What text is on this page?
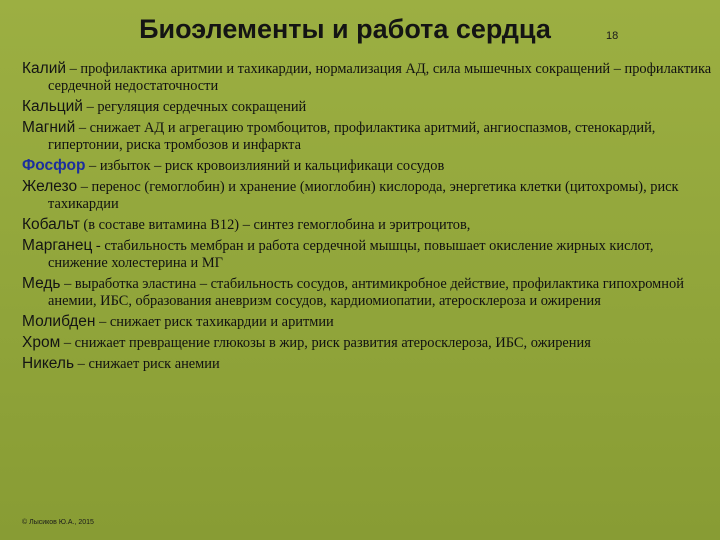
Биоэлементы и работа сердца	18
Калий – профилактика аритмии и тахикардии, нормализация АД, сила мышечных сокращений – профилактика сердечной недостаточности
Кальций – регуляция сердечных сокращений
Магний – снижает АД и агрегацию тромбоцитов, профилактика аритмий, ангиоспазмов, стенокардий, гипертонии, риска тромбозов и инфаркта
Фосфор – избыток – риск кровоизлияний и кальцификаци сосудов
Железо – перенос (гемоглобин) и хранение (миоглобин) кислорода, энергетика клетки (цитохромы), риск тахикардии
Кобальт (в составе витамина В12) – синтез гемоглобина и эритроцитов,
Марганец - стабильность мембран и работа сердечной мышцы, повышает окисление жирных кислот, снижение холестерина и МГ
Медь – выработка эластина – стабильность сосудов, антимикробное действие, профилактика гипохромной анемии, ИБС, образования аневризм сосудов, кардиомиопатии, атеросклероза и ожирения
Молибден – снижает риск тахикардии и аритмии
Хром – снижает превращение глюкозы в жир, риск развития атеросклероза, ИБС, ожирения
Никель – снижает риск анемии
© Лысиков Ю.А., 2015
